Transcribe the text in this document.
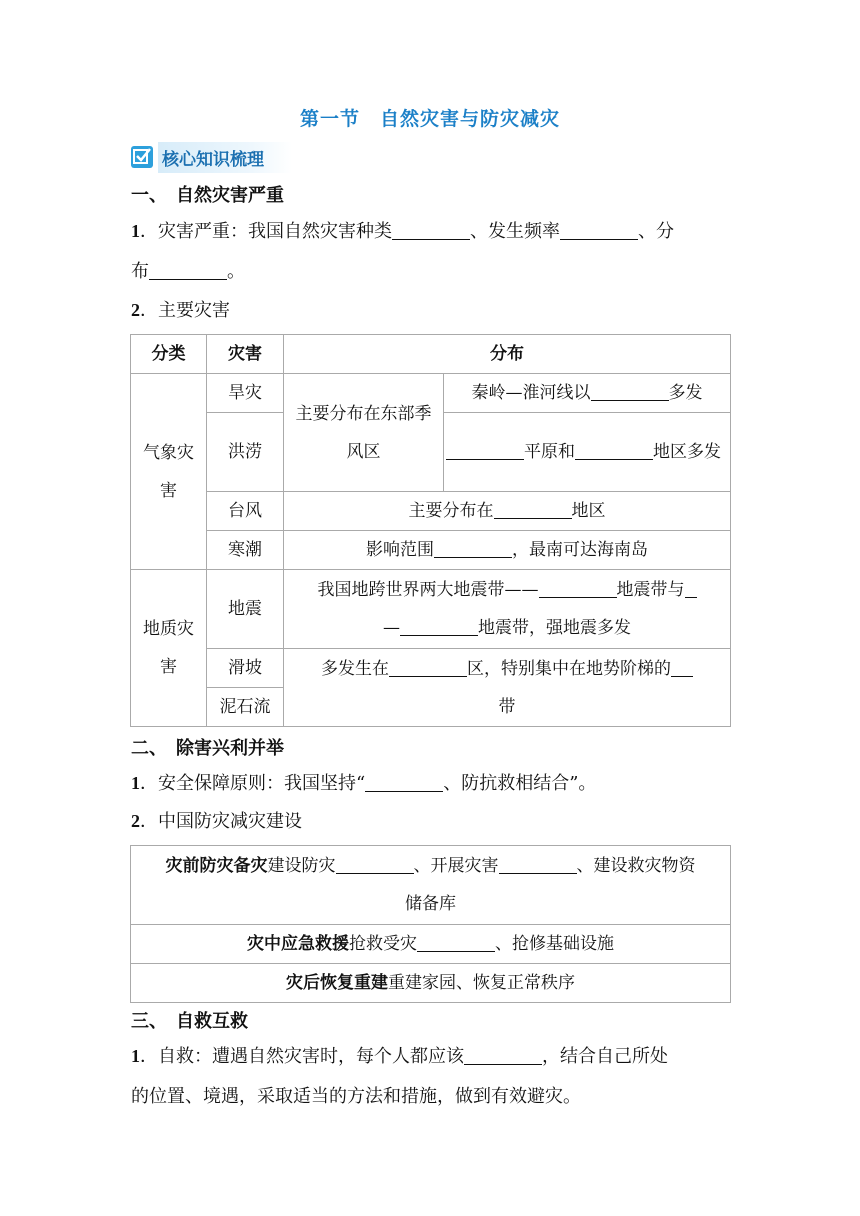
第一节　自然灾害与防灾减灾
核心知识梳理
一、　自然灾害严重
1．灾害严重：我国自然灾害种类	、发生频率	、分
布	。
2．主要灾害
分类	灾害	分布	
气象灾害	旱灾	主要分布在东部季风区	秦岭—淮河线以 多发
	洪涝		平原和 地区多发
	台风	主要分布在 地区	
	寒潮	影响范围 ，最南可达海南岛	
地质灾害	地震	我国地跨世界两大地震带—— 地震带与
— 地震带，强地震多发	
	滑坡	多发生在 区，特别集中在地势阶梯的
带	
	泥石流		
二、　除害兴利并举
1．安全保障原则：我国坚持“	、防抗救相结合”。
2．中国防灾减灾建设
灾前防灾备灾建设防灾	、开展灾害	、建设救灾物资
储备库
灾中应急救援抢救受灾	、抢修基础设施
灾后恢复重建重建家园、恢复正常秩序
三、　自救互救
1．自救：遭遇自然灾害时，每个人都应该	，结合自己所处
的位置、境遇，采取适当的方法和措施，做到有效避灾。
